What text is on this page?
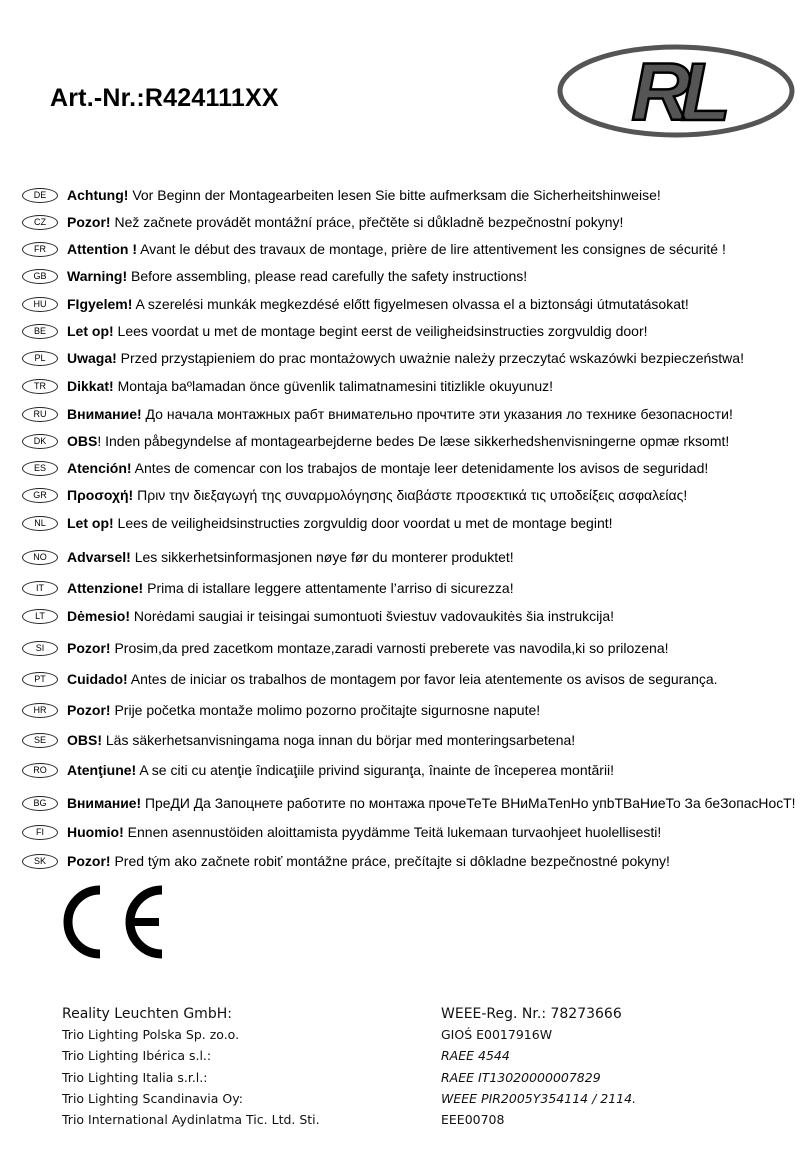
Art.-Nr.:R424111XX	RL
DE	Achtung! Vor Beginn der Montagearbeiten lesen Sie bitte aufmerksam die Sicherheitshinweise!
CZ	Pozor! Než začnete provádět montážní práce, přečtěte si důkladně bezpečnostní pokyny!
FR	Attention ! Avant le début des travaux de montage, prière de lire attentivement les consignes de sécurité !
GB	Warning! Before assembling, please read carefully the safety instructions!
HU	FIgyelem! A szerelési munkák megkezdésé előtt figyelmesen olvassa el a biztonsági útmutatásokat!
BE	Let op! Lees voordat u met de montage begint eerst de veiligheidsinstructies zorgvuldig door!
PL	Uwaga! Przed przystąpieniem do prac montażowych uważnie należy przeczytać wskazówki bezpieczeństwa!
TR	Dikkat! Montaja baºlamadan önce güvenlik talimatnamesini titizlikle okuyunuz!
RU	Внимание! До начала монтажных рабт внимательно прочтите эти указания ло технике безопасности!
DK	OBS! Inden påbegyndelse af montagearbejderne bedes De læse sikkerhedshenvisningerne opmæ rksomt!
ES	Atención! Antes de comencar con los trabajos de montaje leer detenidamente los avisos de seguridad!
GR	Προσοχή! Πριν την διεξαγωγή της συναρμολόγησης διαβάστε προσεκτικά τις υποδείξεις ασφαλείας!
NL	Let op! Lees de veiligheidsinstructies zorgvuldig door voordat u met de montage begint!
NO	Advarsel! Les sikkerhetsinformasjonen nøye før du monterer produktet!
IT	Attenzione! Prima di istallare leggere attentamente l’arriso di sicurezza!
LT	Dėmesio! Norėdami saugiai ir teisingai sumontuoti šviestuv vadovaukitės šia instrukcija!
SI	Pozor! Prosim,da pred zacetkom montaze,zaradi varnosti preberete vas navodila,ki so prilozena!
PT	Cuidado! Antes de iniciar os trabalhos de montagem por favor leia atentemente os avisos de segurança.
HR	Pozor! Prije početka montaže molimo pozorno pročitajte sigurnosne napute!
SE	OBS! Läs säkerhetsanvisningama noga innan du börjar med monteringsarbetena!
RO	Atenţiune! A se citi cu atenţie îndicaţiile privind siguranţa, înainte de începerea montării!
BG	Внимание! ПреДИ Да Запоцнете работите по монтажа прочеТеТе ВНиМаТеnНо упbТВаНиеТо За беЗопасНосТ!
FI	Huomio! Ennen asennustöiden aloittamista pyydämme Teitä lukemaan turvaohjeet huolellisesti!
SK	Pozor! Pred tým ako začnete robiť montážne práce, prečítajte si dôkladne bezpečnostné pokyny!
Reality Leuchten GmbH:
Trio Lighting Polska Sp. zo.o.
Trio Lighting Ibérica s.l.:
Trio Lighting Italia s.r.l.:
Trio Lighting Scandinavia Oy:
Trio International Aydinlatma Tic. Ltd. Sti.
WEEE-Reg. Nr.: 78273666
GIOŚ E0017916W
RAEE 4544
RAEE IT13020000007829
WEEE PIR2005Y354114 / 2114.
EEE00708
